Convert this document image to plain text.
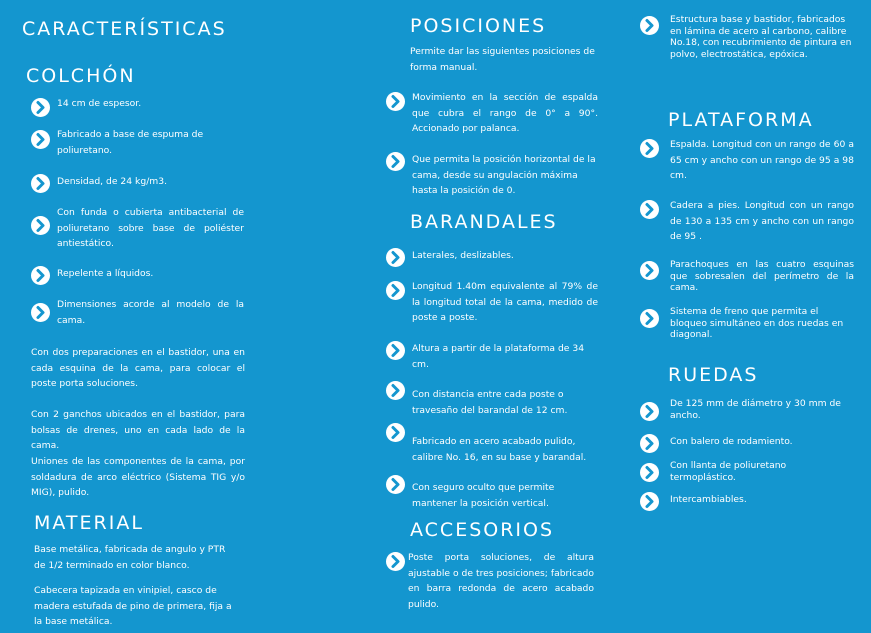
CARACTERÍSTICAS
COLCHÓN

14 cm de espesor.

Fabricado a base de espuma de poliuretano.

Densidad, de 24 kg/m3.

Con funda o cubierta antibacterial de poliuretano sobre base de poliéster antiestático.

Repelente a líquidos.

Dimensiones acorde al modelo de la cama.

Con dos preparaciones en el bastidor, una en cada esquina de la cama, para colocar el poste porta soluciones.

Con 2 ganchos ubicados en el bastidor, para bolsas de drenes, uno en cada lado de la cama.

Uniones de las componentes de la cama, por soldadura de arco eléctrico (Sistema TIG y/o MIG), pulido.

MATERIAL

Base metálica, fabricada de angulo y PTR de 1/2 terminado en color blanco.

Cabecera tapizada en vinipiel, casco de madera estufada de pino de primera, fija a la base metálica.

POSICIONES

Permite dar las siguientes posiciones de forma manual.

Movimiento en la sección de espalda que cubra el rango de 0° a 90°. Accionado por palanca.

Que permita la posición horizontal de la cama, desde su angulación máxima hasta la posición de 0.

BARANDALES

Laterales, deslizables.

Longitud 1.40m equivalente al 79% de la longitud total de la cama, medido de poste a poste.

Altura a partir de la plataforma de 34 cm.

Con distancia entre cada poste o travesaño del barandal de 12 cm.

Fabricado en acero acabado pulido, calibre No. 16, en su base y barandal.

Con seguro oculto que permite mantener la posición vertical.

ACCESORIOS

Poste porta soluciones, de altura ajustable o de tres posiciones; fabricado en barra redonda de acero acabado pulido.

Estructura base y bastidor, fabricados en lámina de acero al carbono, calibre No.18, con recubrimiento de pintura en polvo, electrostática, epóxica.

PLATAFORMA

Espalda. Longitud con un rango de 60 a 65 cm y ancho con un rango de 95 a 98 cm.

Cadera a pies. Longitud con un rango de 130 a 135 cm y ancho con un rango de 95 .

Parachoques en las cuatro esquinas que sobresalen del perímetro de la cama.

Sistema de freno que permita el bloqueo simultáneo en dos ruedas en diagonal.

RUEDAS

De 125 mm de diámetro y 30 mm de ancho.

Con balero de rodamiento.

Con llanta de poliuretano termoplástico.

Intercambiables.
